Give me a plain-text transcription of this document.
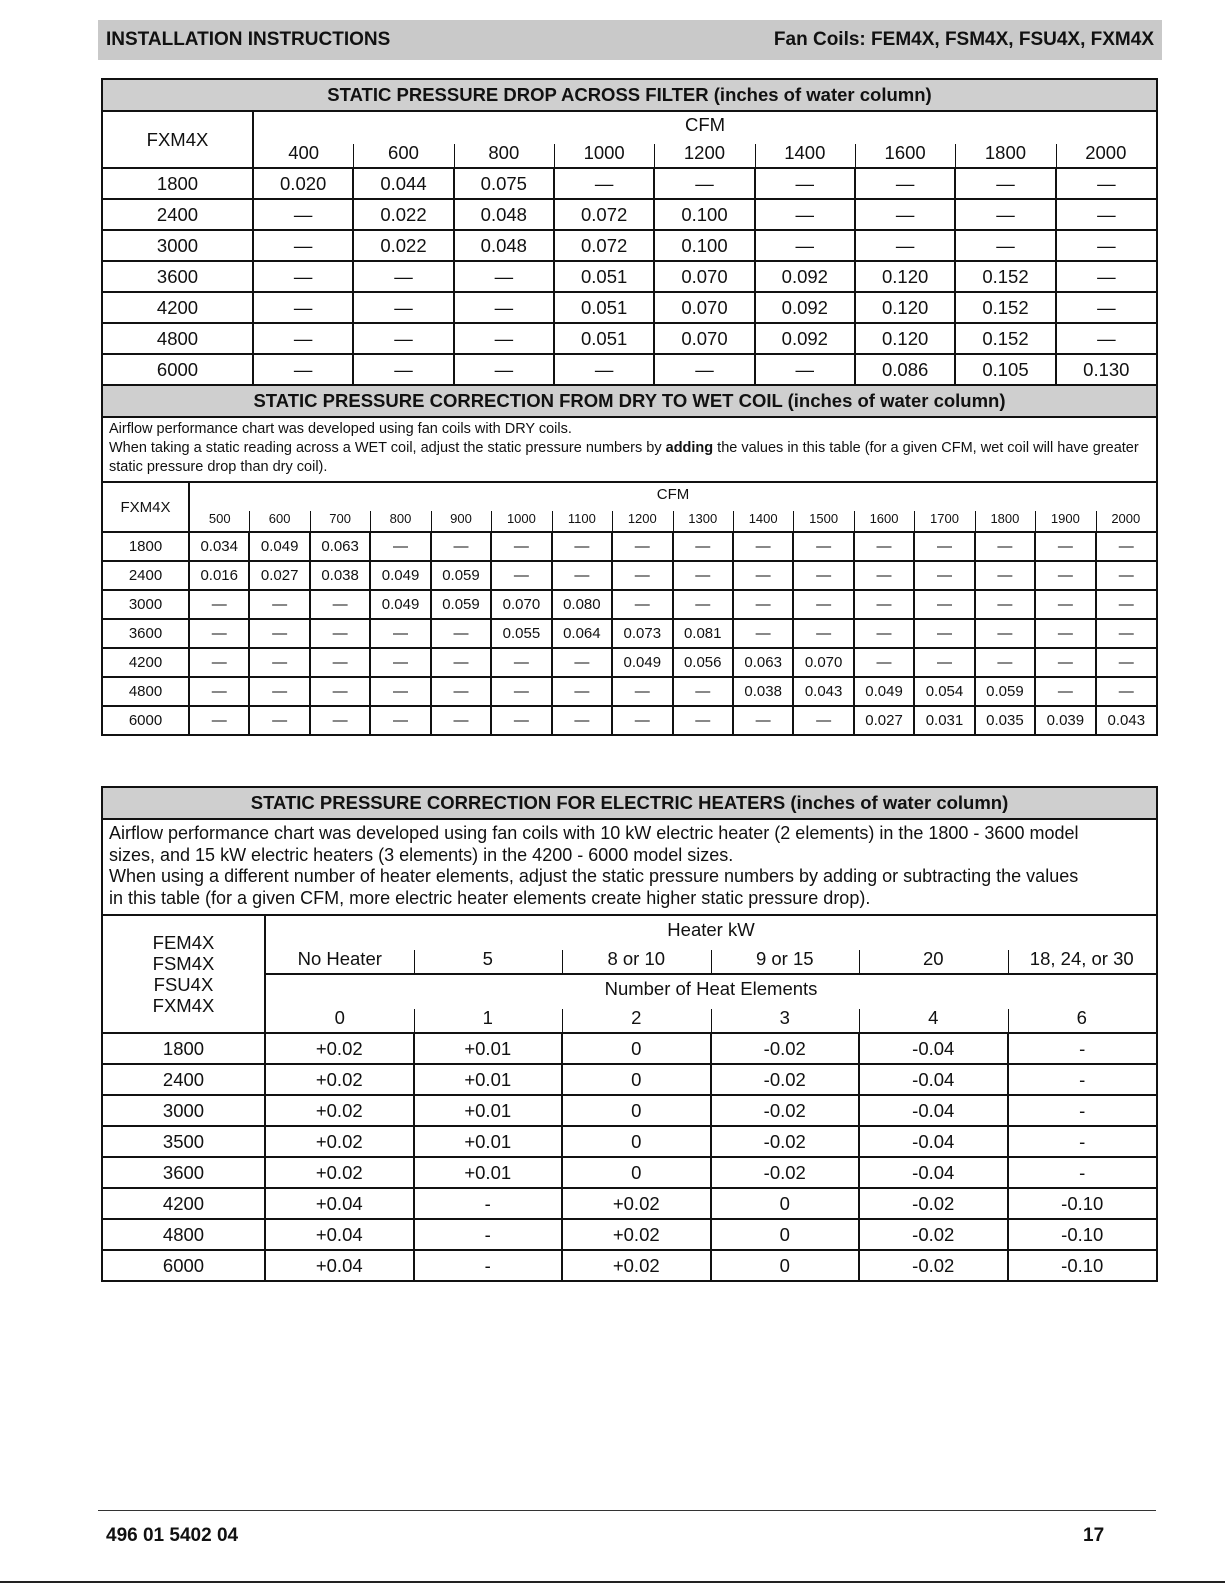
INSTALLATION INSTRUCTIONS	Fan Coils: FEM4X, FSM4X, FSU4X, FXM4X
STATIC PRESSURE DROP ACROSS FILTER (inches of water column)
FXM4X	CFM								
	400	600	800	1000	1200	1400	1600	1800	2000
1800	0.020	0.044	0.075	—	—	—	—	—	—
2400	—	0.022	0.048	0.072	0.100	—	—	—	—
3000	—	0.022	0.048	0.072	0.100	—	—	—	—
3600	—	—	—	0.051	0.070	0.092	0.120	0.152	—
4200	—	—	—	0.051	0.070	0.092	0.120	0.152	—
4800	—	—	—	0.051	0.070	0.092	0.120	0.152	—
6000	—	—	—	—	—	—	0.086	0.105	0.130
STATIC PRESSURE CORRECTION FROM DRY TO WET COIL (inches of water column)
Airflow performance chart was developed using fan coils with DRY coils.
When taking a static reading across a WET coil, adjust the static pressure numbers by adding the values in this table (for a given CFM, wet coil will have greater static pressure drop than dry coil).
FXM4X	CFM															
	500	600	700	800	900	1000	1100	1200	1300	1400	1500	1600	1700	1800	1900	2000
1800	0.034	0.049	0.063	—	—	—	—	—	—	—	—	—	—	—	—	—
2400	0.016	0.027	0.038	0.049	0.059	—	—	—	—	—	—	—	—	—	—	—
3000	—	—	—	0.049	0.059	0.070	0.080	—	—	—	—	—	—	—	—	—
3600	—	—	—	—	—	0.055	0.064	0.073	0.081	—	—	—	—	—	—	—
4200	—	—	—	—	—	—	—	0.049	0.056	0.063	0.070	—	—	—	—	—
4800	—	—	—	—	—	—	—	—	—	0.038	0.043	0.049	0.054	0.059	—	—
6000	—	—	—	—	—	—	—	—	—	—	—	0.027	0.031	0.035	0.039	0.043
STATIC PRESSURE CORRECTION FOR ELECTRIC HEATERS (inches of water column)
Airflow performance chart was developed using fan coils with 10 kW electric heater (2 elements) in the 1800 - 3600 model
sizes, and 15 kW electric heaters (3 elements) in the 4200 - 6000 model sizes.
When using a different number of heater elements, adjust the static pressure numbers by adding or subtracting the values
in this table (for a given CFM, more electric heater elements create higher static pressure drop).
FEM4X
FSM4X
FSU4X
FXM4X	Heater kW					
	No Heater	5	8 or 10	9 or 15	20	18, 24, or 30
	Number of Heat Elements					
	0	1	2	3	4	6
1800	+0.02	+0.01	0	-0.02	-0.04	-
2400	+0.02	+0.01	0	-0.02	-0.04	-
3000	+0.02	+0.01	0	-0.02	-0.04	-
3500	+0.02	+0.01	0	-0.02	-0.04	-
3600	+0.02	+0.01	0	-0.02	-0.04	-
4200	+0.04	-	+0.02	0	-0.02	-0.10
4800	+0.04	-	+0.02	0	-0.02	-0.10
6000	+0.04	-	+0.02	0	-0.02	-0.10
496 01 5402 04	17
